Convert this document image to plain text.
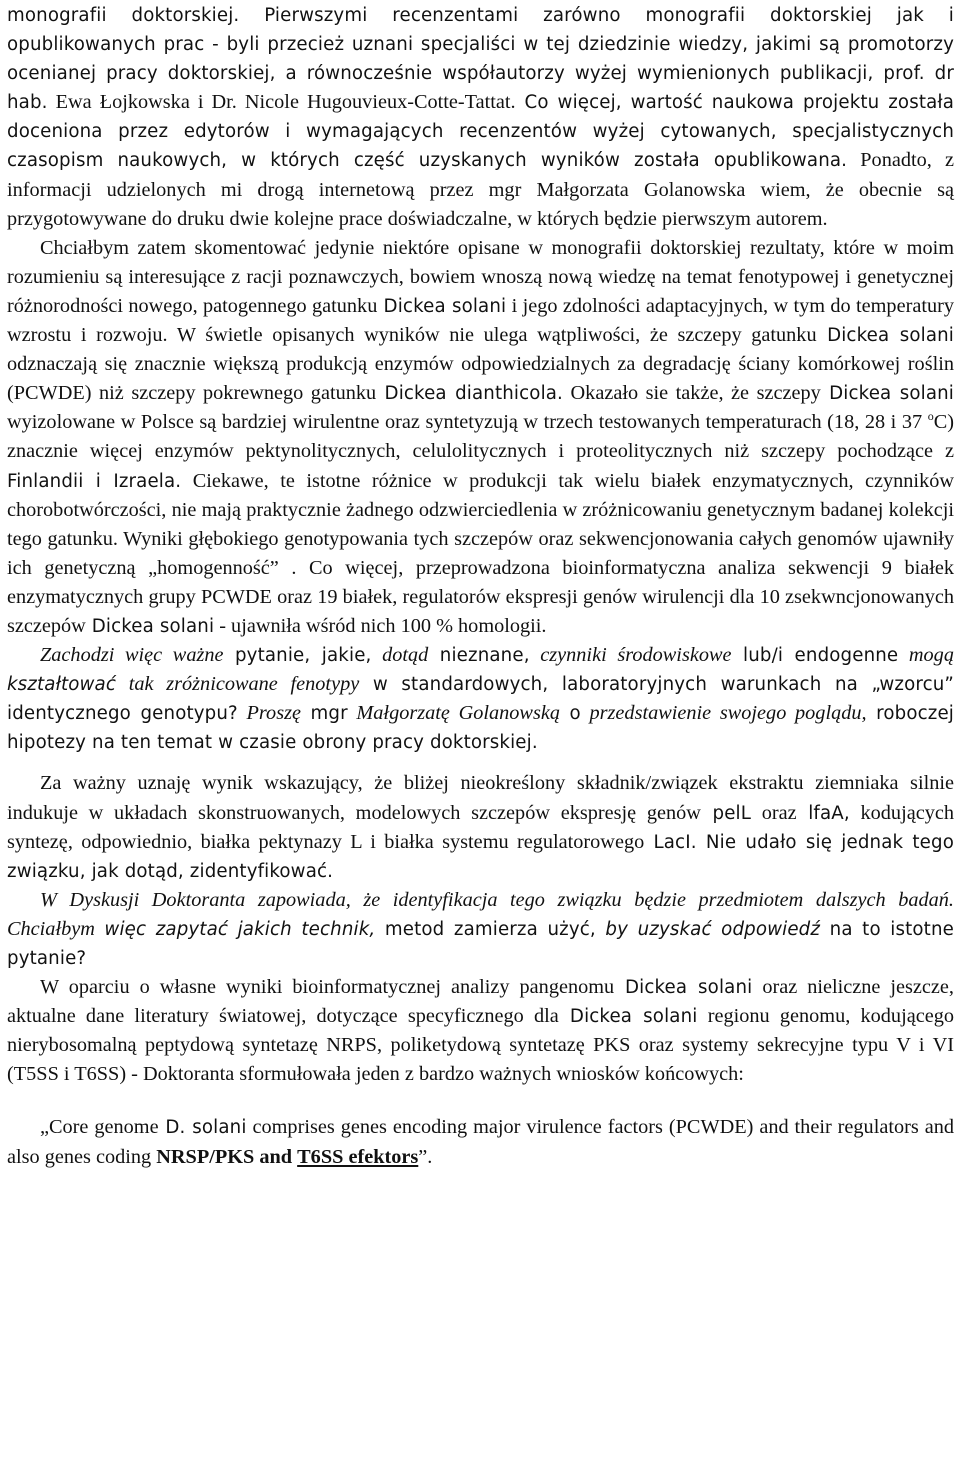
monografii doktorskiej. Pierwszymi recenzentami zarówno monografii doktorskiej jak i opublikowanych prac - byli przecież uznani specjaliści w tej dziedzinie wiedzy, jakimi są promotorzy ocenianej pracy doktorskiej, a równocześnie współautorzy wyżej wymienionych publikacji, prof. dr hab. Ewa Łojkowska i Dr. Nicole Hugouvieux-Cotte-Tattat. Co więcej, wartość naukowa projektu została doceniona przez edytorów i wymagających recenzentów wyżej cytowanych, specjalistycznych czasopism naukowych, w których część uzyskanych wyników została opublikowana. Ponadto, z informacji udzielonych mi drogą internetową przez mgr Małgorzata Golanowska wiem, że obecnie są przygotowywane do druku dwie kolejne prace doświadczalne, w których będzie pierwszym autorem.

Chciałbym zatem skomentować jedynie niektóre opisane w monografii doktorskiej rezultaty, które w moim rozumieniu są interesujące z racji poznawczych, bowiem wnoszą nową wiedzę na temat fenotypowej i genetycznej różnorodności nowego, patogennego gatunku Dickea solani i jego zdolności adaptacyjnych, w tym do temperatury wzrostu i rozwoju. W świetle opisanych wyników nie ulega wątpliwości, że szczepy gatunku Dickea solani odznaczają się znacznie większą produkcją enzymów odpowiedzialnych za degradację ściany komórkowej roślin (PCWDE) niż szczepy pokrewnego gatunku Dickea dianthicola. Okazało sie także, że szczepy Dickea solani wyizolowane w Polsce są bardziej wirulentne oraz syntetyzują w trzech testowanych temperaturach (18, 28 i 37 $^o$C) znacznie więcej enzymów pektynolitycznych, celulolitycznych i proteolitycznych niż szczepy pochodzące z Finlandii i Izraela. Ciekawe, te istotne różnice w produkcji tak wielu białek enzymatycznych, czynników chorobotwórczości, nie mają praktycznie żadnego odzwierciedlenia w zróżnicowaniu genetycznym badanej kolekcji tego gatunku. Wyniki głębokiego genotypowania tych szczepów oraz sekwencjonowania całych genomów ujawniły ich genetyczną „homogenność” . Co więcej, przeprowadzona bioinformatyczna analiza sekwencji 9 białek enzymatycznych grupy PCWDE oraz 19 białek, regulatorów ekspresji genów wirulencji dla 10 zsekwncjonowanych szczepów Dickea solani - ujawniła wśród nich 100 % homologii.

Zachodzi więc ważne pytanie, jakie, dotąd nieznane, czynniki środowiskowe lub/i endogenne mogą kształtować tak zróżnicowane fenotypy w standardowych, laboratoryjnych warunkach na „wzorcu” identycznego genotypu? Proszę mgr Małgorzatę Golanowską o przedstawienie swojego poglądu, roboczej hipotezy na ten temat w czasie obrony pracy doktorskiej.

Za ważny uznaję wynik wskazujący, że bliżej nieokreślony składnik/związek ekstraktu ziemniaka silnie indukuje w układach skonstruowanych, modelowych szczepów ekspresję genów pelL oraz lfaA, kodujących syntezę, odpowiednio, białka pektynazy L i białka systemu regulatorowego LacI. Nie udało się jednak tego związku, jak dotąd, zidentyfikować.

W Dyskusji Doktoranta zapowiada, że identyfikacja tego związku będzie przedmiotem dalszych badań. Chciałbym więc zapytać jakich technik, metod zamierza użyć, by uzyskać odpowiedź na to istotne pytanie?

W oparciu o własne wyniki bioinformatycznej analizy pangenomu Dickea solani oraz nieliczne jeszcze, aktualne dane literatury światowej, dotyczące specyficznego dla Dickea solani regionu genomu, kodującego nierybosomalną peptydową syntetazę NRPS, poliketydową syntetazę PKS oraz systemy sekrecyjne typu V i VI (T5SS i T6SS) - Doktoranta sformułowała jeden z bardzo ważnych wniosków końcowych:

„Core genome D. solani comprises genes encoding major virulence factors (PCWDE) and their regulators and also genes coding NRSP/PKS and T6SS efektors”.
